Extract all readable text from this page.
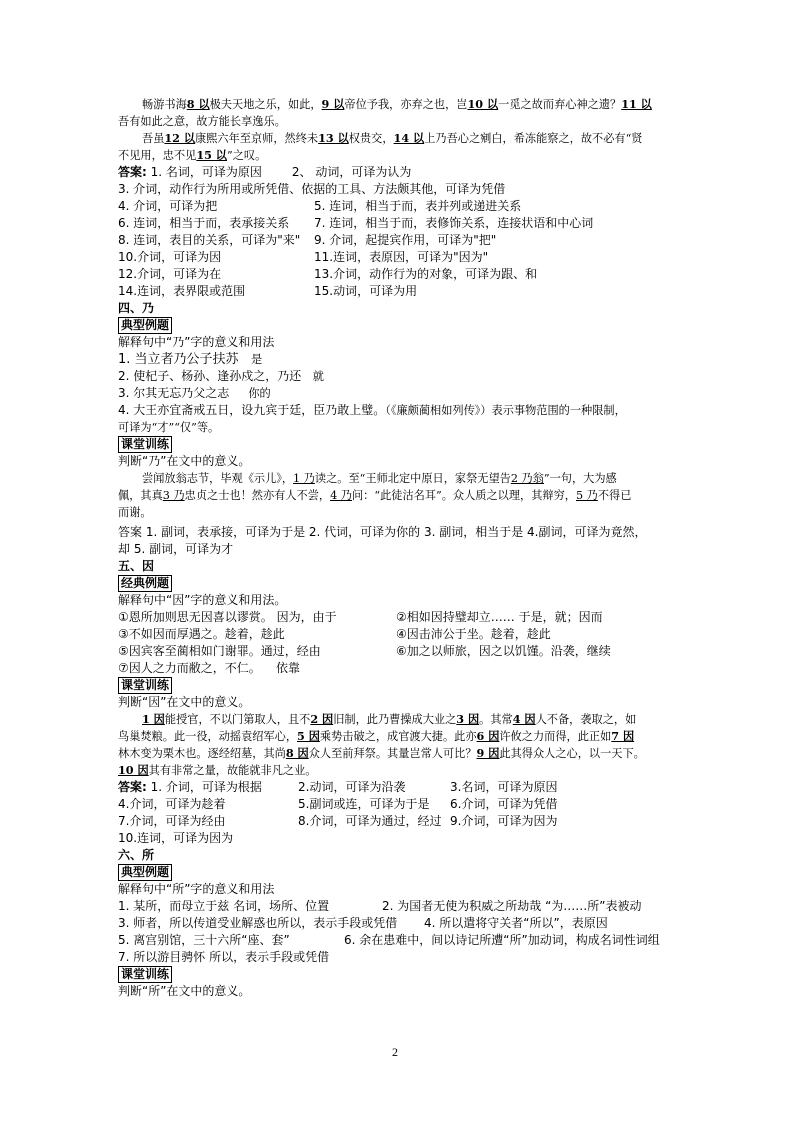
畅游书海8 以极夫天地之乐，如此，9 以帝位予我，亦弃之也，岂10 以一觅之故而弃心神之遗？11 以
吾有如此之意，故方能长享逸乐。
吾虽12 以康熙六年至京师，然终未13 以权贵交，14 以上乃吾心之剜白，希冻能察之，故不必有“贤
不见用，忠不见15 以”之叹。
答案: 1. 名词，可译为原因	2、 动词，可译为认为
3. 介词，动作行为所用或所凭借、依据的工具、方法颇其他，可译为凭借
4. 介词，可译为把	5. 连词，相当于而，表并列或递进关系
6. 连词，相当于而，表承接关系	7. 连词，相当于而，表修饰关系，连接状语和中心词
8. 连词，表目的关系，可译为"来"	9. 介词，起提宾作用，可译为"把"
10.介词，可译为因	11.连词，表原因，可译为"因为"
12.介词，可译为在	13.介词，动作行为的对象，可译为跟、和
14.连词，表界限或范围	15.动词，可译为用
四、乃
典型例题
解释句中“乃”字的意义和用法
1. 当立者乃公子扶苏 是
2. 使杞子、杨孙、逢孙戍之，乃还 就
3. 尔其无忘乃父之志 你的
4. 大王亦宜斋戒五日，设九宾于廷，臣乃敢上璧。（《廉颇蔺相如列传》）表示事物范围的一种限制，
可译为“才”“仅”等。
课堂训练
判断“乃”在文中的意义。
尝闻放翁志节，毕观《示儿》，1 乃读之。至“王师北定中原日，家祭无望告2 乃翁”一句，大为感
佩，其真3 乃忠贞之士也！然亦有人不尝，4 乃问：“此徒沽名耳”。众人质之以理，其辩穷，5 乃不得已
而谢。
答案 1. 副词，表承接，可译为于是 2. 代词，可译为你的 3. 副词，相当于是 4.副词，可译为竟然，
却 5. 副词，可译为才
五、因
经典例题
解释句中“因”字的意义和用法。
①恩所加则思无因喜以谬赏。 因为，由于	②相如因持璧却立…… 于是，就；因而
③不如因而厚遇之。趁着，趁此	④因击沛公于坐。趁着，趁此
⑤因宾客至蔺相如门谢罪。通过，经由	⑥加之以师旅，因之以饥馑。沿袭，继续
⑦因人之力而敝之，不仁。 依靠
课堂训练
判断“因”在文中的意义。
1 因能授官，不以门第取人，且不2 因旧制，此乃曹操成大业之3 因。其常4 因人不备，袭取之，如
鸟巢焚粮。此一役，动摇袁绍军心，5 因乘势击破之，成官渡大捷。此亦6 因许攸之力而得，此正如7 因
林木变为栗木也。逐经绍墓，其尚8 因众人至前拜祭。其量岂常人可比？9 因此其得众人之心，以一天下。
10 因其有非常之量，故能就非凡之业。
答案: 1. 介词，可译为根据	2.动词，可译为沿袭	3.名词，可译为原因
4.介词，可译为趁着	5.副词或连，可译为于是	6.介词，可译为凭借
7.介词，可译为经由	8.介词，可译为通过，经过 9.介词，可译为因为
10.连词，可译为因为
六、所
典型例题
解释句中“所”字的意义和用法
1. 某所，而母立于兹 名词，场所、位置	2. 为国者无使为积威之所劫哉 “为……所”表被动
3. 师者，所以传道受业解惑也所以，表示手段或凭借	4. 所以遣将守关者“所以”，表原因
5. 离宫别馆，三十六所“座、套”	6. 余在患难中，间以诗记所遭“所”加动词，构成名词性词组
7. 所以游目骋怀 所以，表示手段或凭借
课堂训练
判断“所”在文中的意义。
2
